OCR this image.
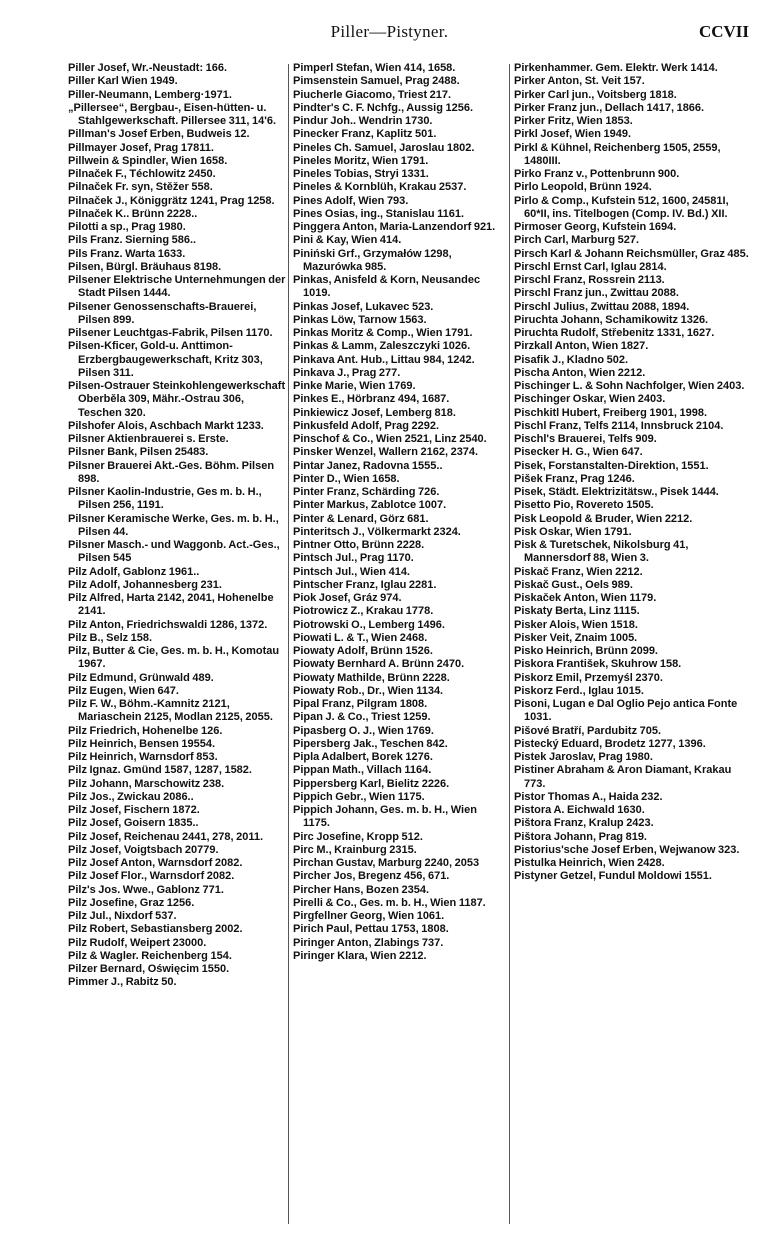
Piller—Pistyner.	CCVII
Piller Josef, Wr.-Neustadt: 166.
Piller Karl Wien 1949.
Piller-Neumann, Lemberg·1971.
„Pillersee“, Bergbau-, Eisen-hütten- u. Stahlgewerkschaft. Pillersee 311, 14'6.
Pillman's Josef Erben, Budweis 12.
Pillmayer Josef, Prag 17811.
Pillwein & Spindler, Wien 1658.
Pilnaček F., Téchlowitz 2450.
Pilnaček Fr. syn, Stěžer 558.
Pilnaček J., Königgrätz 1241, Prag 1258.
Pilnaček K.. Brünn 2228..
Pilotti a sp., Prag 1980.
Pils Franz. Sierning 586..
Pils Franz. Warta 1633.
Pilsen, Bürgl. Bräuhaus 8198.
Pilsener Elektrische Unternehmungen der Stadt Pilsen 1444.
Pilsener Genossenschafts-Brauerei, Pilsen 899.
Pilsener Leuchtgas-Fabrik, Pilsen 1170.
Pilsen-Kficer, Gold-u. Anttimon-Erzbergbaugewerkschaft, Kritz 303, Pilsen 311.
Pilsen-Ostrauer Steinkohlengewerkschaft Oberběla 309, Mähr.-Ostrau 306, Teschen 320.
Pilshofer Alois, Aschbach Markt 1233.
Pilsner Aktienbrauerei s. Erste.
Pilsner Bank, Pilsen 25483.
Pilsner Brauerei Akt.-Ges. Böhm. Pilsen 898.
Pilsner Kaolin-Industrie, Ges m. b. H., Pilsen 256, 1191.
Pilsner Keramische Werke, Ges. m. b. H., Pilsen 44.
Pilsner Masch.- und Waggonb. Act.-Ges., Pilsen 545
Pilz Adolf, Gablonz 1961..
Pilz Adolf, Johannesberg 231.
Pilz Alfred, Harta 2142, 2041, Hohenelbe 2141.
Pilz Anton, Friedrichswaldi 1286, 1372.
Pilz B., Selz 158.
Pilz, Butter & Cie, Ges. m. b. H., Komotau 1967.
Pilz Edmund, Grünwald 489.
Pilz Eugen, Wien 647.
Pilz F. W., Böhm.-Kamnitz 2121, Mariaschein 2125, Modlan 2125, 2055.
Pilz Friedrich, Hohenelbe 126.
Pilz Heinrich, Bensen 19554.
Pilz Heinrich, Warnsdorf 853.
Pilz Ignaz. Gmünd 1587, 1287, 1582.
Pilz Johann, Marschowitz 238.
Pilz Jos., Zwickau 2086..
Pilz Josef, Fischern 1872.
Pilz Josef, Goisern 1835..
Pilz Josef, Reichenau 2441, 278, 2011.
Pilz Josef, Voigtsbach 20779.
Pilz Josef Anton, Warnsdorf 2082.
Pilz Josef Flor., Warnsdorf 2082.
Pilz's Jos. Wwe., Gablonz 771.
Pilz Josefine, Graz 1256.
Pilz Jul., Nixdorf 537.
Pilz Robert, Sebastiansberg 2002.
Pilz Rudolf, Weipert 23000.
Pilz & Wagler. Reichenberg 154.
Pilzer Bernard, Oświęcim 1550.
Pimmer J., Rabitz 50.
Pimperl Stefan, Wien 414, 1658.
Pimsenstein Samuel, Prag 2488.
Piucherle Giacomo, Triest 217.
Pindter's C. F. Nchfg., Aussig 1256.
Pindur Joh.. Wendrin 1730.
Pinecker Franz, Kaplitz 501.
Pineles Ch. Samuel, Jaroslau 1802.
Pineles Moritz, Wien 1791.
Pineles Tobias, Stryi 1331.
Pineles & Kornblüh, Krakau 2537.
Pines Adolf, Wien 793.
Pines Osias, ing., Stanislau 1161.
Pinggera Anton, Maria-Lanzendorf 921.
Pini & Kay, Wien 414.
Piniński Grf., Grzymałów 1298, Mazurówka 985.
Pinkas, Anisfeld & Korn, Neusandec 1019.
Pinkas Josef, Lukavec 523.
Pinkas Löw, Tarnow 1563.
Pinkas Moritz & Comp., Wien 1791.
Pinkas & Lamm, Zaleszczyki 1026.
Pinkava Ant. Hub., Littau 984, 1242.
Pinkava J., Prag 277.
Pinke Marie, Wien 1769.
Pinkes E., Hörbranz 494, 1687.
Pinkiewicz Josef, Lemberg 818.
Pinkusfeld Adolf, Prag 2292.
Pinschof & Co., Wien 2521, Linz 2540.
Pinsker Wenzel, Wallern 2162, 2374.
Pintar Janez, Radovna 1555..
Pinter D., Wien 1658.
Pinter Franz, Schärding 726.
Pinter Markus, Zablotce 1007.
Pinter & Lenard, Görz 681.
Pinteritsch J., Völkermarkt 2324.
Pintner Otto, Brünn 2228.
Pintsch Jul., Prag 1170.
Pintsch Jul., Wien 414.
Pintscher Franz, Iglau 2281.
Piok Josef, Gráz 974.
Piotrowicz Z., Krakau 1778.
Piotrowski O., Lemberg 1496.
Piowati L. & T., Wien 2468.
Piowaty Adolf, Brünn 1526.
Piowaty Bernhard A. Brünn 2470.
Piowaty Mathilde, Brünn 2228.
Piowaty Rob., Dr., Wien 1134.
Pipal Franz, Pilgram 1808.
Pipan J. & Co., Triest 1259.
Pipasberg O. J., Wien 1769.
Pipersberg Jak., Teschen 842.
Pipla Adalbert, Borek 1276.
Pippan Math., Villach 1164.
Pippersberg Karl, Bielitz 2226.
Pippich Gebr., Wien 1175.
Pippich Johann, Ges. m. b. H., Wien 1175.
Pirc Josefine, Kropp 512.
Pirc M., Krainburg 2315.
Pirchan Gustav, Marburg 2240, 2053
Pircher Jos, Bregenz 456, 671.
Pircher Hans, Bozen 2354.
Pirelli & Co., Ges. m. b. H., Wien 1187.
Pirgfellner Georg, Wien 1061.
Pirich Paul, Pettau 1753, 1808.
Piringer Anton, Zlabings 737.
Piringer Klara, Wien 2212.
Pirkenhammer. Gem. Elektr. Werk 1414.
Pirker Anton, St. Veit 157.
Pirker Carl jun., Voitsberg 1818.
Pirker Franz jun., Dellach 1417, 1866.
Pirker Fritz, Wien 1853.
Pirkl Josef, Wien 1949.
Pirkl & Kühnel, Reichenberg 1505, 2559, 1480III.
Pirko Franz v., Pottenbrunn 900.
Pirlo Leopold, Brünn 1924.
Pirlo & Comp., Kufstein 512, 1600, 24581I, 60*II, ins. Titelbogen (Comp. IV. Bd.) XII.
Pirmoser Georg, Kufstein 1694.
Pirch Carl, Marburg 527.
Pirsch Karl & Johann Reichsmüller, Graz 485.
Pirschl Ernst Carl, Iglau 2814.
Pirschl Franz, Rossrein 2113.
Pirschl Franz jun., Zwittau 2088.
Pirschl Julius, Zwittau 2088, 1894.
Piruchta Johann, Schamikowitz 1326.
Piruchta Rudolf, Střebenitz 1331, 1627.
Pirzkall Anton, Wien 1827.
Pisafik J., Kladno 502.
Pischa Anton, Wien 2212.
Pischinger L. & Sohn Nachfolger, Wien 2403.
Pischinger Oskar, Wien 2403.
Pischkitl Hubert, Freiberg 1901, 1998.
Pischl Franz, Telfs 2114, Innsbruck 2104.
Pischl's Brauerei, Telfs 909.
Pisecker H. G., Wien 647.
Pisek, Forstanstalten-Direktion, 1551.
Pišek Franz, Prag 1246.
Pisek, Städt. Elektrizitätsw., Pisek 1444.
Pisetto Pio, Rovereto 1505.
Pisk Leopold & Bruder, Wien 2212.
Pisk Oskar, Wien 1791.
Pisk & Turetschek, Nikolsburg 41, Mannersdorf 88, Wien 3.
Piskač Franz, Wien 2212.
Piskač Gust., Oels 989.
Piskaček Anton, Wien 1179.
Piskaty Berta, Linz 1115.
Pisker Alois, Wien 1518.
Pisker Veit, Znaim 1005.
Pisko Heinrich, Brünn 2099.
Piskora František, Skuhrow 158.
Piskorz Emil, Przemyśl 2370.
Piskorz Ferd., Iglau 1015.
Pisoni, Lugan e Dal Oglio Pejo antica Fonte 1031.
Pišové Bratří, Pardubitz 705.
Pistecký Eduard, Brodetz 1277, 1396.
Pistek Jaroslav, Prag 1980.
Pistiner Abraham & Aron Diamant, Krakau 773.
Pistor Thomas A., Haida 232.
Pistora A. Eichwald 1630.
Pištora Franz, Kralup 2423.
Pištora Johann, Prag 819.
Pistorius'sche Josef Erben, Wejwanow 323.
Pistulka Heinrich, Wien 2428.
Pistyner Getzel, Fundul Moldowi 1551.
